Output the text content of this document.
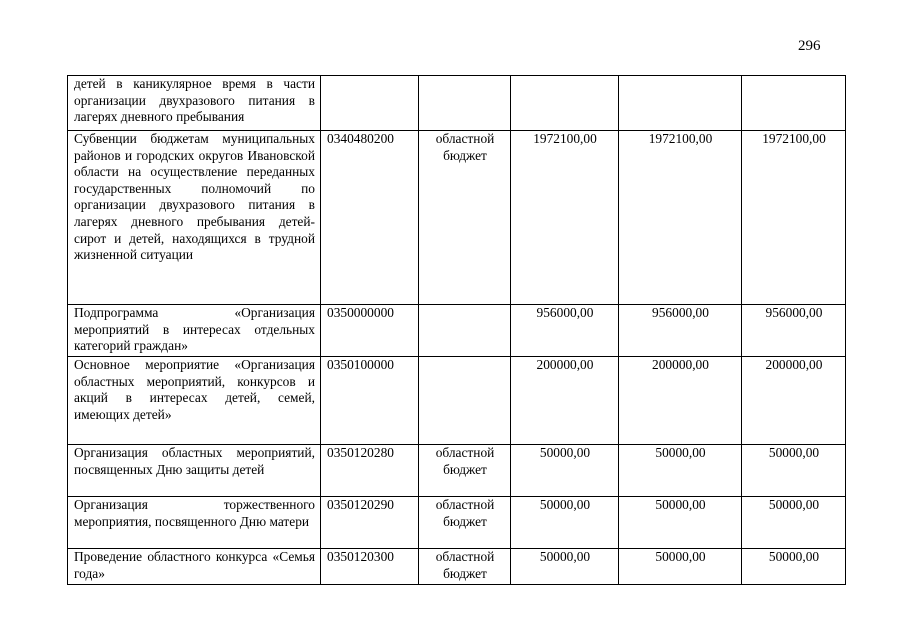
296
детей в каникулярное время в части организации двухразового питания в лагерях дневного пребывания					
Субвенции бюджетам муниципальных районов и городских округов Ивановской области на осуществление переданных государственных полномочий по организации двухразового питания в лагерях дневного пребывания детей-сирот и детей, находящихся в трудной жизненной ситуации	0340480200	областной бюджет	1972100,00	1972100,00	1972100,00
Подпрограмма «Организация мероприятий в интересах отдельных категорий граждан»	0350000000		956000,00	956000,00	956000,00
Основное мероприятие «Организация областных мероприятий, конкурсов и акций в интересах детей, семей, имеющих детей»	0350100000		200000,00	200000,00	200000,00
Организация областных мероприятий, посвященных Дню защиты детей	0350120280	областной бюджет	50000,00	50000,00	50000,00
Организация торжественного мероприятия, посвященного Дню матери	0350120290	областной бюджет	50000,00	50000,00	50000,00
Проведение областного конкурса «Семья года»	0350120300	областной бюджет	50000,00	50000,00	50000,00
